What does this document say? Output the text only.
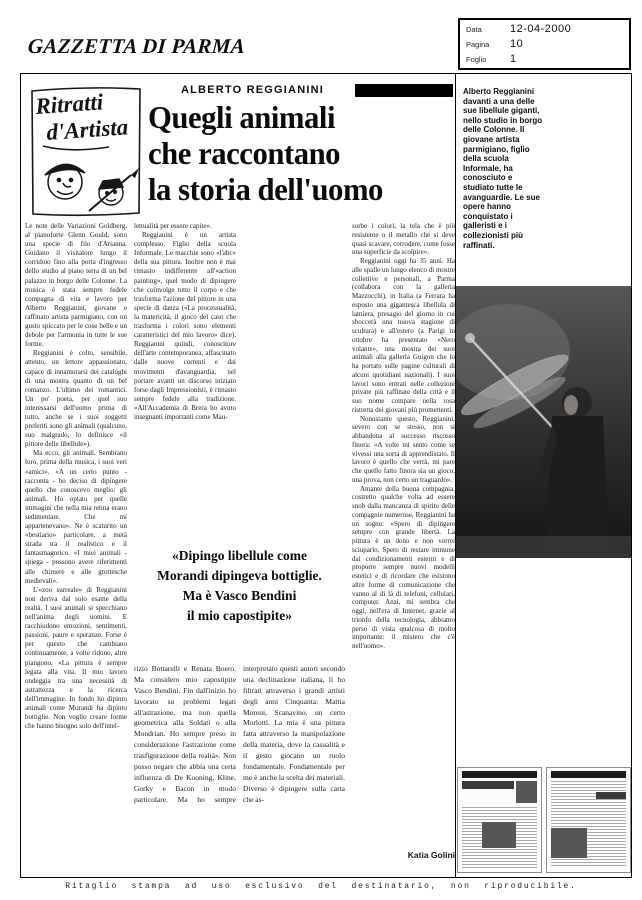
GAZZETTA DI PARMA
Data	12-04-2000
Pagina	10
Foglio	1
Ritratti
d'Artista
ALBERTO REGGIANINI
Quegli animali
che raccontano
la storia dell'uomo

Le note delle Variazioni Goldberg, al pianoforte Glenn Gould, sono una specie di filo d'Arianna. Guidano il visitatore lungo il corridoio fino alla porta d'ingresso dello studio al piano terra di un bel palazzo in borgo delle Colonne. La musica è stata sempre fedele compagna di vita e lavoro per Alberto Reggianini, giovane e raffinato artista parmigiano, con un gusto spiccato per le cose belle e un debole per l'armonia in tutte le sue forme.

Reggianini è colto, sensibile, attento, un lettore appassionato, capace di innamorarsi dei cataloghi di una mostra quanto di un bel romanzo. L'ultimo dei romantici. Un po' poeta, per quel suo interessarsi dell'uomo prima di tutto, anche se i suoi soggetti preferiti sono gli animali (qualcuno, suo malgrado, lo definisce «il pittore delle libellule»).

Ma ecco, gli animali. Sembrano loro, prima della musica, i suoi veri «amici». «A un certo punto - racconta - ho deciso di dipingere quello che conoscevo meglio: gli animali. Ho optato per quelle immagini che nella mia retina erano sedimentate. Che mi appartenevano». Ne è scaturito un «bestiario» particolare, a metà strada tra il realistico e il fantasmagorico. «I miei animali - spiega - possono avere riferimenti alle chimere e alle grottesche medievali».

L'«zoo surreale» di Reggianini non deriva dal solo esame della realtà. I suoi animali si specchiano nell'anima degli uomini. E racchiudono emozioni, sentimenti, passioni, paure e speranze. Forse è per questo che cambiano continuamente, a volte ridono, altre piangono. «La pittura è sempre legata alla vita. Il mio lavoro ondeggia tra una necessità di astrattezza e la ricerca dell'immagine. In fondo ho dipinto animali come Morandi ha dipinto bottiglie. Non voglio creare forme che hanno bisogno solo dell'intel-

lettualità per essere capite».

Reggianini è un artista complesso. Figlio della scuola Informale. Le macchie sono «l'abc» della sua pittura. Inoltre non è mai rimasto indifferente all'«action painting», quel modo di dipingere che coinvolge tutto il corpo e che trasforma l'azione del pittore in una specie di danza («La processualità, la matericità, il gioco del caso che trasforma i colori sono elementi caratteristici del mio lavoro» dice). Reggianini quindi, conoscitore dell'arte contemporanea, affascinato dalle nuove correnti e dai movimenti d'avanguardia, nel portare avanti un discorso iniziato forse dagli Impressionisti, è rimasto sempre fedele alla tradizione. «All'Accademia di Brera ho avuto insegnanti importanti come Mau-

«Dipingo libellule come

Morandi dipingeva bottiglie.

Ma è Vasco Bendini

il mio capostipite»

rizio Bottarelli e Renata Boero. Ma considero mio capostipite Vasco Bendini. Fin dall'inizio ho lavorato su problemi legati all'astrazione, ma non quella geometrica alla Soldati o alla Mondrian. Ho sempre preso in considerazione l'astrazione come trasfigurazione della realtà». Non posso negare che abbia una certa influenza di De Kooning, Kline, Gorky e Bacon in modo particolare. Ma ho sempre interpretato questi autori secondo una declinazione italiana, li ho filtrati attraverso i grandi artisti degli anni Cinquanta: Mattia Moreni, Scanavino, un certo Morlotti. La mia è una pittura fatta attraverso la manipolazione della materia, dove la casualità e il gesto giocano un ruolo fondamentale. Fondamentale per me è anche la scelta dei materiali. Diverso è dipingere sulla carta che as-

sorbe i colori, la tela che è più resistente o il metallo che si deve quasi scavare, corrodere, come fosse una superficie da scolpire».

Reggianini oggi ha 35 anni. Ha alle spalle un lungo elenco di mostre collettive e personali, a Parma (collabora con la galleria Mazzocchi), in Italia (a Ferrara ha esposto una gigantesca libellula di lamiera, presagio del giorno in cui sboccerà una nuova stagione di scultura) e all'estero (a Parigi in ottobre ha presentato «Nero volante», una mostra dei suoi animali alla galleria Guigon che lo ha portato sulle pagine culturali di alcuni quotidiani nazionali). I suoi lavori sono entrati nelle collezioni private più raffinate della città e il suo nome compare nella rosa ristretta dei giovani più promettenti.

Nonostante questo, Reggianini, severo con se stesso, non si abbandona al successo riscosso finora: «A volte mi sento come se vivessi una sorta di apprendistato. Il lavoro è quello che verrà, mi pare che quello fatto finora sia un gioco, una prova, non certo un traguardo».

Amante della buona compagnia, costretto qualche volta ad essere snob dalla mancanza di spirito delle compagnie numerose, Reggianini ha un sogno: «Spero di dipingere sempre con grande libertà. La pittura è un dono e non vorrei sciuparlo. Spero di restare immune dai condizionamenti esterni e di proporre sempre nuovi modelli estetici e di ricordare che esistono altre forme di comunicazione che vanno al di là di telefoni, cellulari, computer. Anzi, mi sembra che oggi, nell'era di Internet, grazie al trionfo della tecnologia, abbiamo perso di vista qualcosa di molto importante: il mistero che c'è nell'uomo».

Katia Golini
Alberto Reggianini davanti a una delle sue libellule giganti, nello studio in borgo delle Colonne. Il giovane artista parmigiano, figlio della scuola Informale, ha conosciuto e studiato tutte le avanguardie. Le sue opere hanno conquistato i galleristi e i collezionisti più raffinati.
Ritaglio stampa ad uso esclusivo del destinatario, non riproducibile.
